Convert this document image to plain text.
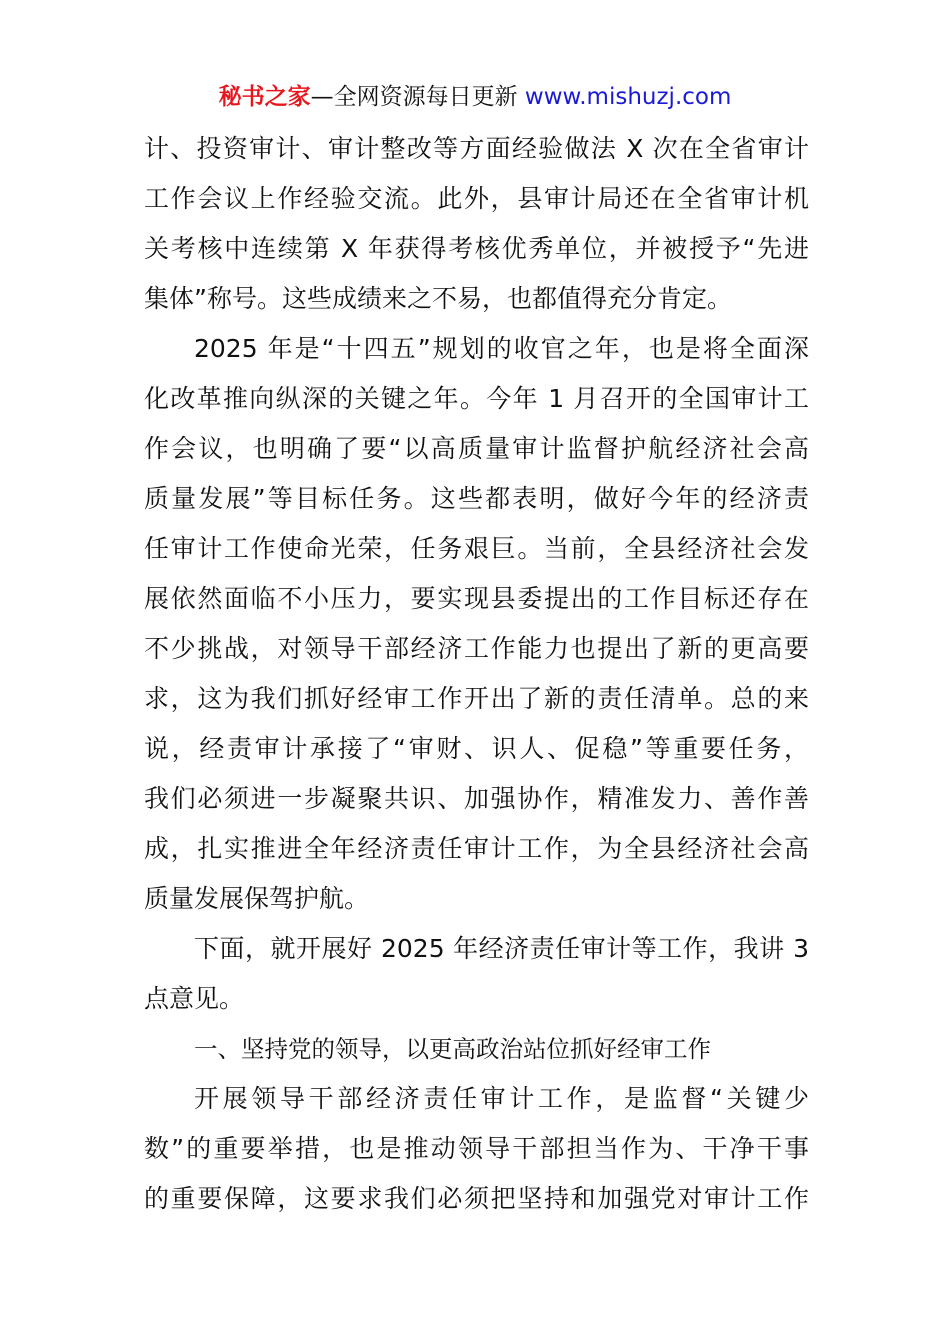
秘书之家—全网资源每日更新 www.mishuzj.com
计、投资审计、审计整改等方面经验做法 X 次在全省审计
工作会议上作经验交流。此外，县审计局还在全省审计机
关考核中连续第 X 年获得考核优秀单位，并被授予“先进
集体”称号。这些成绩来之不易，也都值得充分肯定。
2025 年是“十四五”规划的收官之年，也是将全面深
化改革推向纵深的关键之年。今年 1 月召开的全国审计工
作会议，也明确了要“以高质量审计监督护航经济社会高
质量发展”等目标任务。这些都表明，做好今年的经济责
任审计工作使命光荣，任务艰巨。当前，全县经济社会发
展依然面临不小压力，要实现县委提出的工作目标还存在
不少挑战，对领导干部经济工作能力也提出了新的更高要
求，这为我们抓好经审工作开出了新的责任清单。总的来
说，经责审计承接了“审财、识人、促稳”等重要任务，
我们必须进一步凝聚共识、加强协作，精准发力、善作善
成，扎实推进全年经济责任审计工作，为全县经济社会高
质量发展保驾护航。
下面，就开展好 2025 年经济责任审计等工作，我讲 3
点意见。
一、坚持党的领导，以更高政治站位抓好经审工作
开展领导干部经济责任审计工作，是监督“关键少
数”的重要举措，也是推动领导干部担当作为、干净干事
的重要保障，这要求我们必须把坚持和加强党对审计工作
